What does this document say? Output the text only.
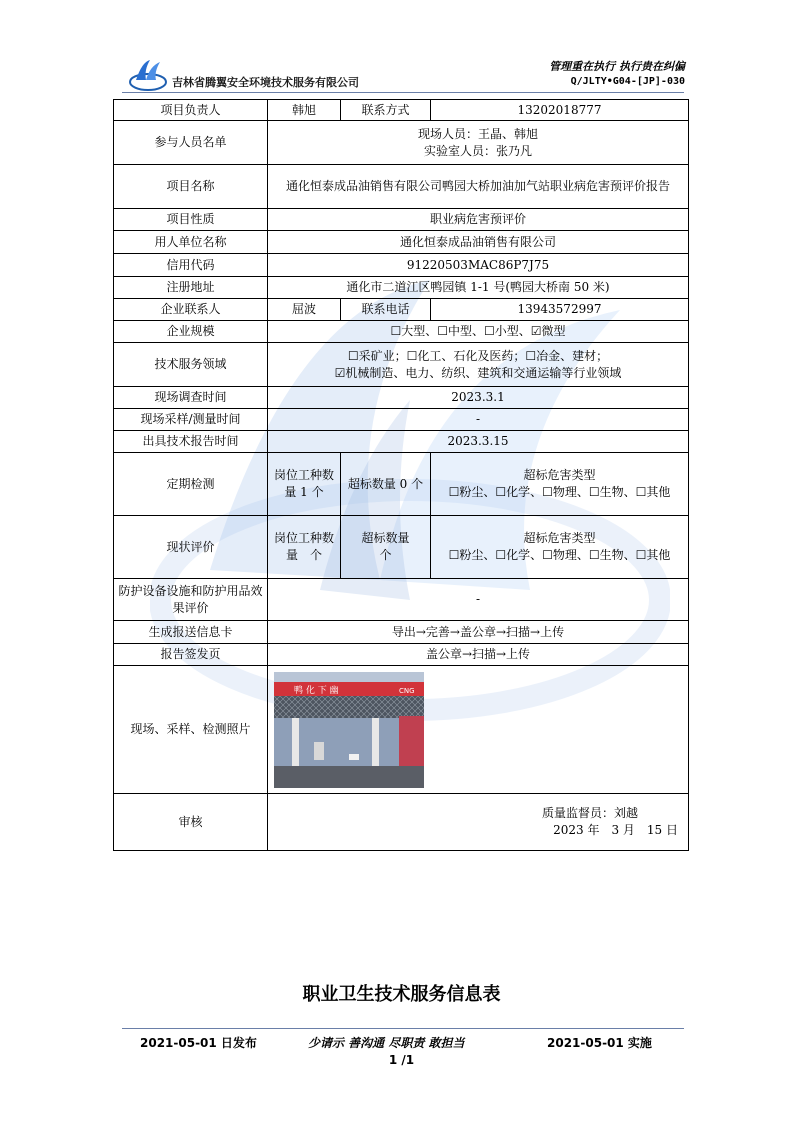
吉林省腾翼安全环境技术服务有限公司
管理重在执行 执行贵在纠偏
Q/JLTY•G04-[JP]-030
项目负责人	韩旭	联系方式	13202018777
参与人员名单	现场人员：王晶、韩旭
实验室人员：张乃凡		

项目名称	通化恒泰成品油销售有限公司鸭园大桥加油加气站职业病危害预评价报告		
项目性质	职业病危害预评价		
用人单位名称	通化恒泰成品油销售有限公司		
信用代码	91220503MAC86P7J75		
注册地址	通化市二道江区鸭园镇 1-1 号(鸭园大桥南 50 米)		
企业联系人	屈波	联系电话	13943572997
企业规模	☐大型、☐中型、☐小型、☑微型		
技术服务领域	☐采矿业；☐化工、石化及医药；☐冶金、建材；
☑机械制造、电力、纺织、建筑和交通运输等行业领域		

现场调查时间	2023.3.1		
现场采样/测量时间	-		
出具技术报告时间	2023.3.15		
定期检测	岗位工种数量 1 个	超标数量 0 个	超标危害类型
☐粉尘、☐化学、☐物理、☐生物、☐其他

现状评价	岗位工种数量　个	超标数量　　个	超标危害类型
☐粉尘、☐化学、☐物理、☐生物、☐其他

防护设备设施和防护用品效果评价	-		
生成报送信息卡	导出→完善→盖公章→扫描→上传		
报告签发页	盖公章→扫描→上传		
现场、采样、检测照片	鸭 化 下 幽 CNG		

审核	质量监督员：刘越
2023 年　3 月　15 日		
职业卫生技术服务信息表
2021-05-01 日发布	少请示 善沟通 尽职责 敢担当	2021-05-01 实施
1 /1
